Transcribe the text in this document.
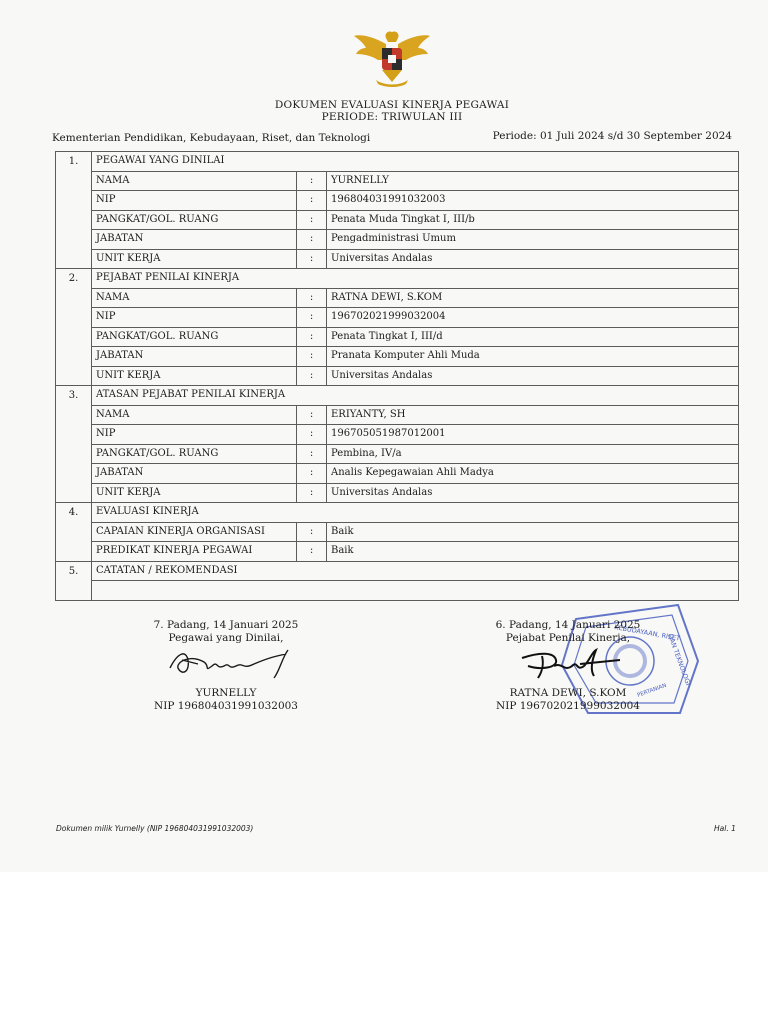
DOKUMEN EVALUASI KINERJA PEGAWAI
PERIODE: TRIWULAN III
Kementerian Pendidikan, Kebudayaan, Riset, dan Teknologi	Periode: 01 Juli 2024 s/d 30 September 2024
1.	PEGAWAI YANG DINILAI		
	NAMA	:	YURNELLY
	NIP	:	196804031991032003
	PANGKAT/GOL. RUANG	:	Penata Muda Tingkat I, III/b
	JABATAN	:	Pengadministrasi Umum
	UNIT KERJA	:	Universitas Andalas
2.	PEJABAT PENILAI KINERJA		
	NAMA	:	RATNA DEWI, S.KOM
	NIP	:	196702021999032004
	PANGKAT/GOL. RUANG	:	Penata Tingkat I, III/d
	JABATAN	:	Pranata Komputer Ahli Muda
	UNIT KERJA	:	Universitas Andalas
3.	ATASAN PEJABAT PENILAI KINERJA		
	NAMA	:	ERIYANTY, SH
	NIP	:	196705051987012001
	PANGKAT/GOL. RUANG	:	Pembina, IV/a
	JABATAN	:	Analis Kepegawaian Ahli Madya
	UNIT KERJA	:	Universitas Andalas
4.	EVALUASI KINERJA		
	CAPAIAN KINERJA ORGANISASI	:	Baik
	PREDIKAT KINERJA PEGAWAI	:	Baik
5.	CATATAN / REKOMENDASI		

KEBUDAYAAN, RISET
DAN TEKNOLOGI
PERTANIAN
7. Padang, 14 Januari 2025
Pegawai yang Dinilai,
YURNELLY
NIP 196804031991032003
6. Padang, 14 Januari 2025
Pejabat Penilai Kinerja,
RATNA DEWI, S.KOM
NIP 196702021999032004
Dokumen milik Yurnelly (NIP 196804031991032003)	Hal. 1
